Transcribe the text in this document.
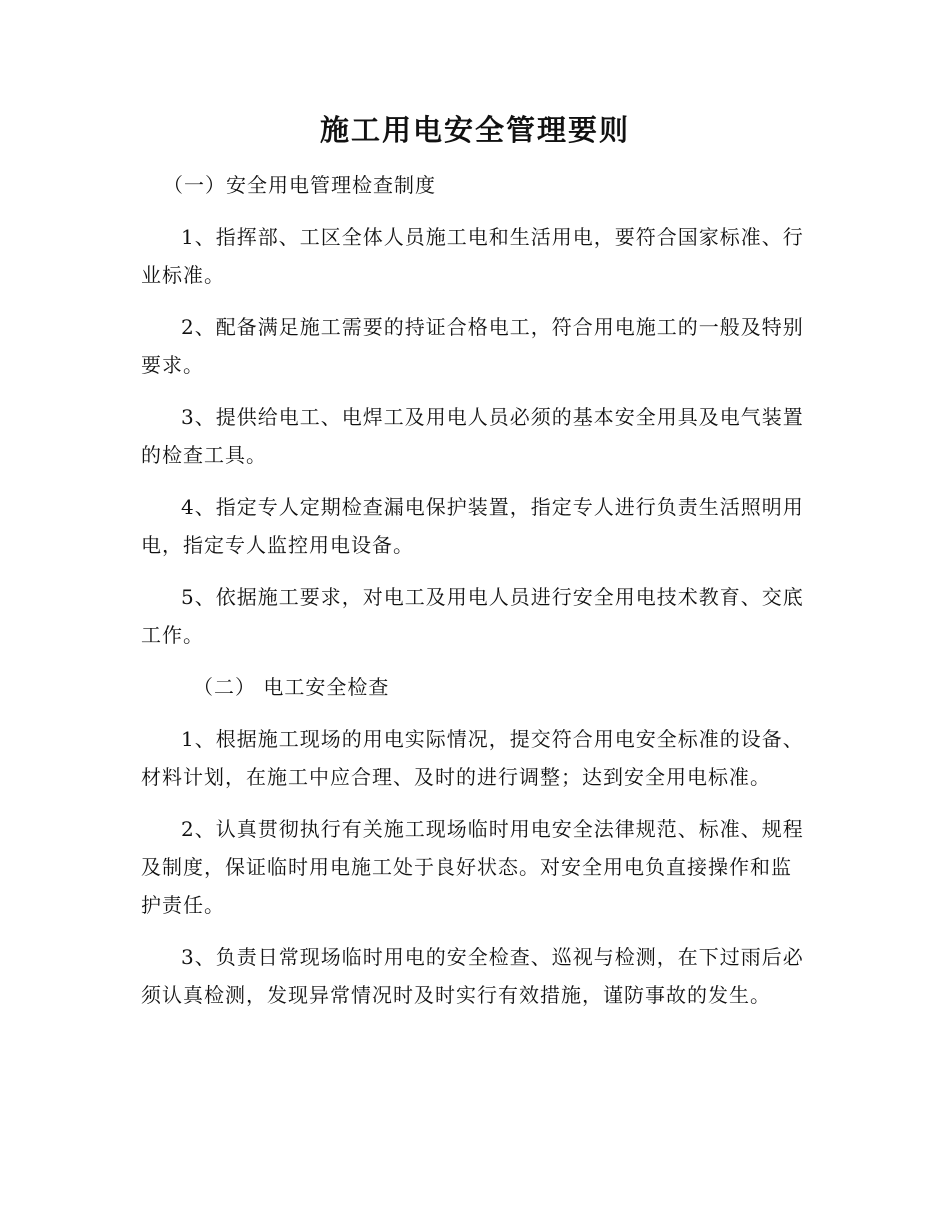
施工用电安全管理要则
（一）安全用电管理检查制度

1、指挥部、工区全体人员施工电和生活用电，要符合国家标准、行业标准。

2、配备满足施工需要的持证合格电工，符合用电施工的一般及特别要求。

3、提供给电工、电焊工及用电人员必须的基本安全用具及电气装置的检查工具。

4、指定专人定期检查漏电保护装置，指定专人进行负责生活照明用电，指定专人监控用电设备。

5、依据施工要求，对电工及用电人员进行安全用电技术教育、交底工作。

（二） 电工安全检查

1、根据施工现场的用电实际情况，提交符合用电安全标准的设备、材料计划，在施工中应合理、及时的进行调整；达到安全用电标准。

2、认真贯彻执行有关施工现场临时用电安全法律规范、标准、规程及制度，保证临时用电施工处于良好状态。对安全用电负直接操作和监护责任。

3、负责日常现场临时用电的安全检查、巡视与检测，在下过雨后必须认真检测，发现异常情况时及时实行有效措施，谨防事故的发生。
